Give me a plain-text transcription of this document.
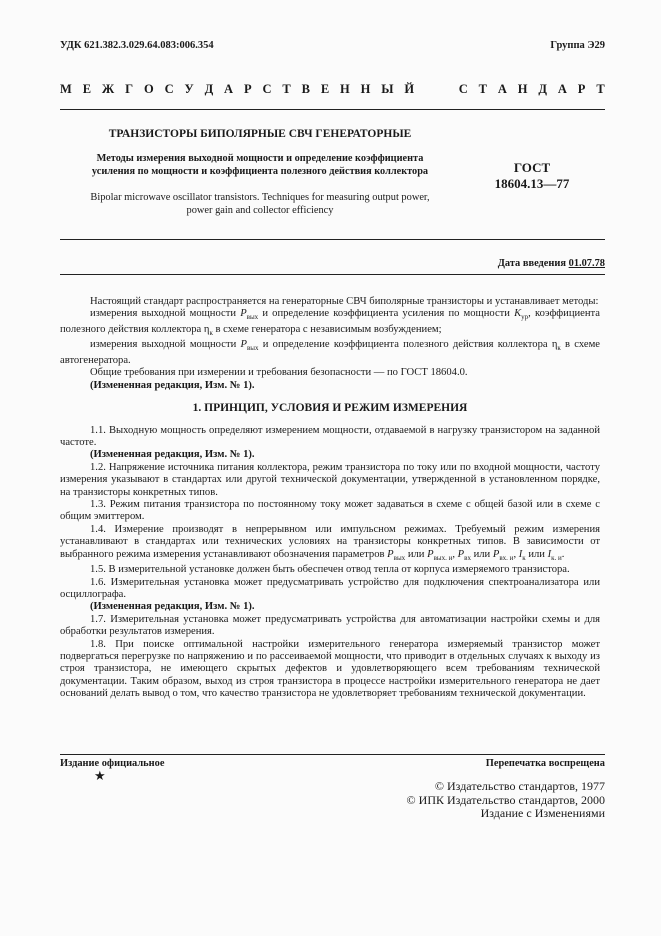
УДК 621.382.3.029.64.083:006.354	Группа Э29
М Е Ж Г О С У Д А Р С Т В Е Н Н Ы Й	С Т А Н Д А Р Т
ТРАНЗИСТОРЫ БИПОЛЯРНЫЕ СВЧ ГЕНЕРАТОРНЫЕ
Методы измерения выходной мощности и определение коэффициента
усиления по мощности и коэффициента полезного действия коллектора
Bipolar microwave oscillator transistors. Techniques for measuring output power,
power gain and collector efficiency
ГОСТ
18604.13—77
Дата введения 01.07.78

Настоящий стандарт распространяется на генераторные СВЧ биполярные транзисторы и устанавливает методы:

измерения выходной мощности $P_{вых}$ и определение коэффициента усиления по мощности $K_{ур}$, коэффициента полезного действия коллектора $\eta_к$ в схеме генератора с независимым возбуждением;

измерения выходной мощности $P_{вых}$ и определение коэффициента полезного действия коллектора $\eta_к$ в схеме автогенератора.

Общие требования при измерении и требования безопасности — по ГОСТ 18604.0.

(Измененная редакция, Изм. № 1).

1. ПРИНЦИП, УСЛОВИЯ И РЕЖИМ ИЗМЕРЕНИЯ

1.1. Выходную мощность определяют измерением мощности, отдаваемой в нагрузку транзистором на заданной частоте.

(Измененная редакция, Изм. № 1).

1.2. Напряжение источника питания коллектора, режим транзистора по току или по входной мощности, частоту измерения указывают в стандартах или другой технической документации, утвержденной в установленном порядке, на транзисторы конкретных типов.

1.3. Режим питания транзистора по постоянному току может задаваться в схеме с общей базой или в схеме с общим эмиттером.

1.4. Измерение производят в непрерывном или импульсном режимах. Требуемый режим измерения устанавливают в стандартах или технических условиях на транзисторы конкретных типов. В зависимости от выбранного режима измерения устанавливают обозначения параметров $P_{вых}$ или $P_{вых. и}$, $P_{вх}$ или $P_{вх. и}$, $I_к$ или $I_{к. и}$.

1.5. В измерительной установке должен быть обеспечен отвод тепла от корпуса измеряемого транзистора.

1.6. Измерительная установка может предусматривать устройство для подключения спектроанализатора или осциллографа.

(Измененная редакция, Изм. № 1).

1.7. Измерительная установка может предусматривать устройства для автоматизации настройки схемы и для обработки результатов измерения.

1.8. При поиске оптимальной настройки измерительного генератора измеряемый транзистор может подвергаться перегрузке по напряжению и по рассеиваемой мощности, что приводит в отдельных случаях к выходу из строя транзистора, не имеющего скрытых дефектов и удовлетворяющего всем требованиям технической документации. Таким образом, выход из строя транзистора в процессе настройки измерительного генератора не дает оснований делать вывод о том, что качество транзистора не удовлетворяет требованиям технической документации.

Издание официальное
★
Перепечатка воспрещена
© Издательство стандартов, 1977
© ИПК Издательство стандартов, 2000
Издание с Изменениями
